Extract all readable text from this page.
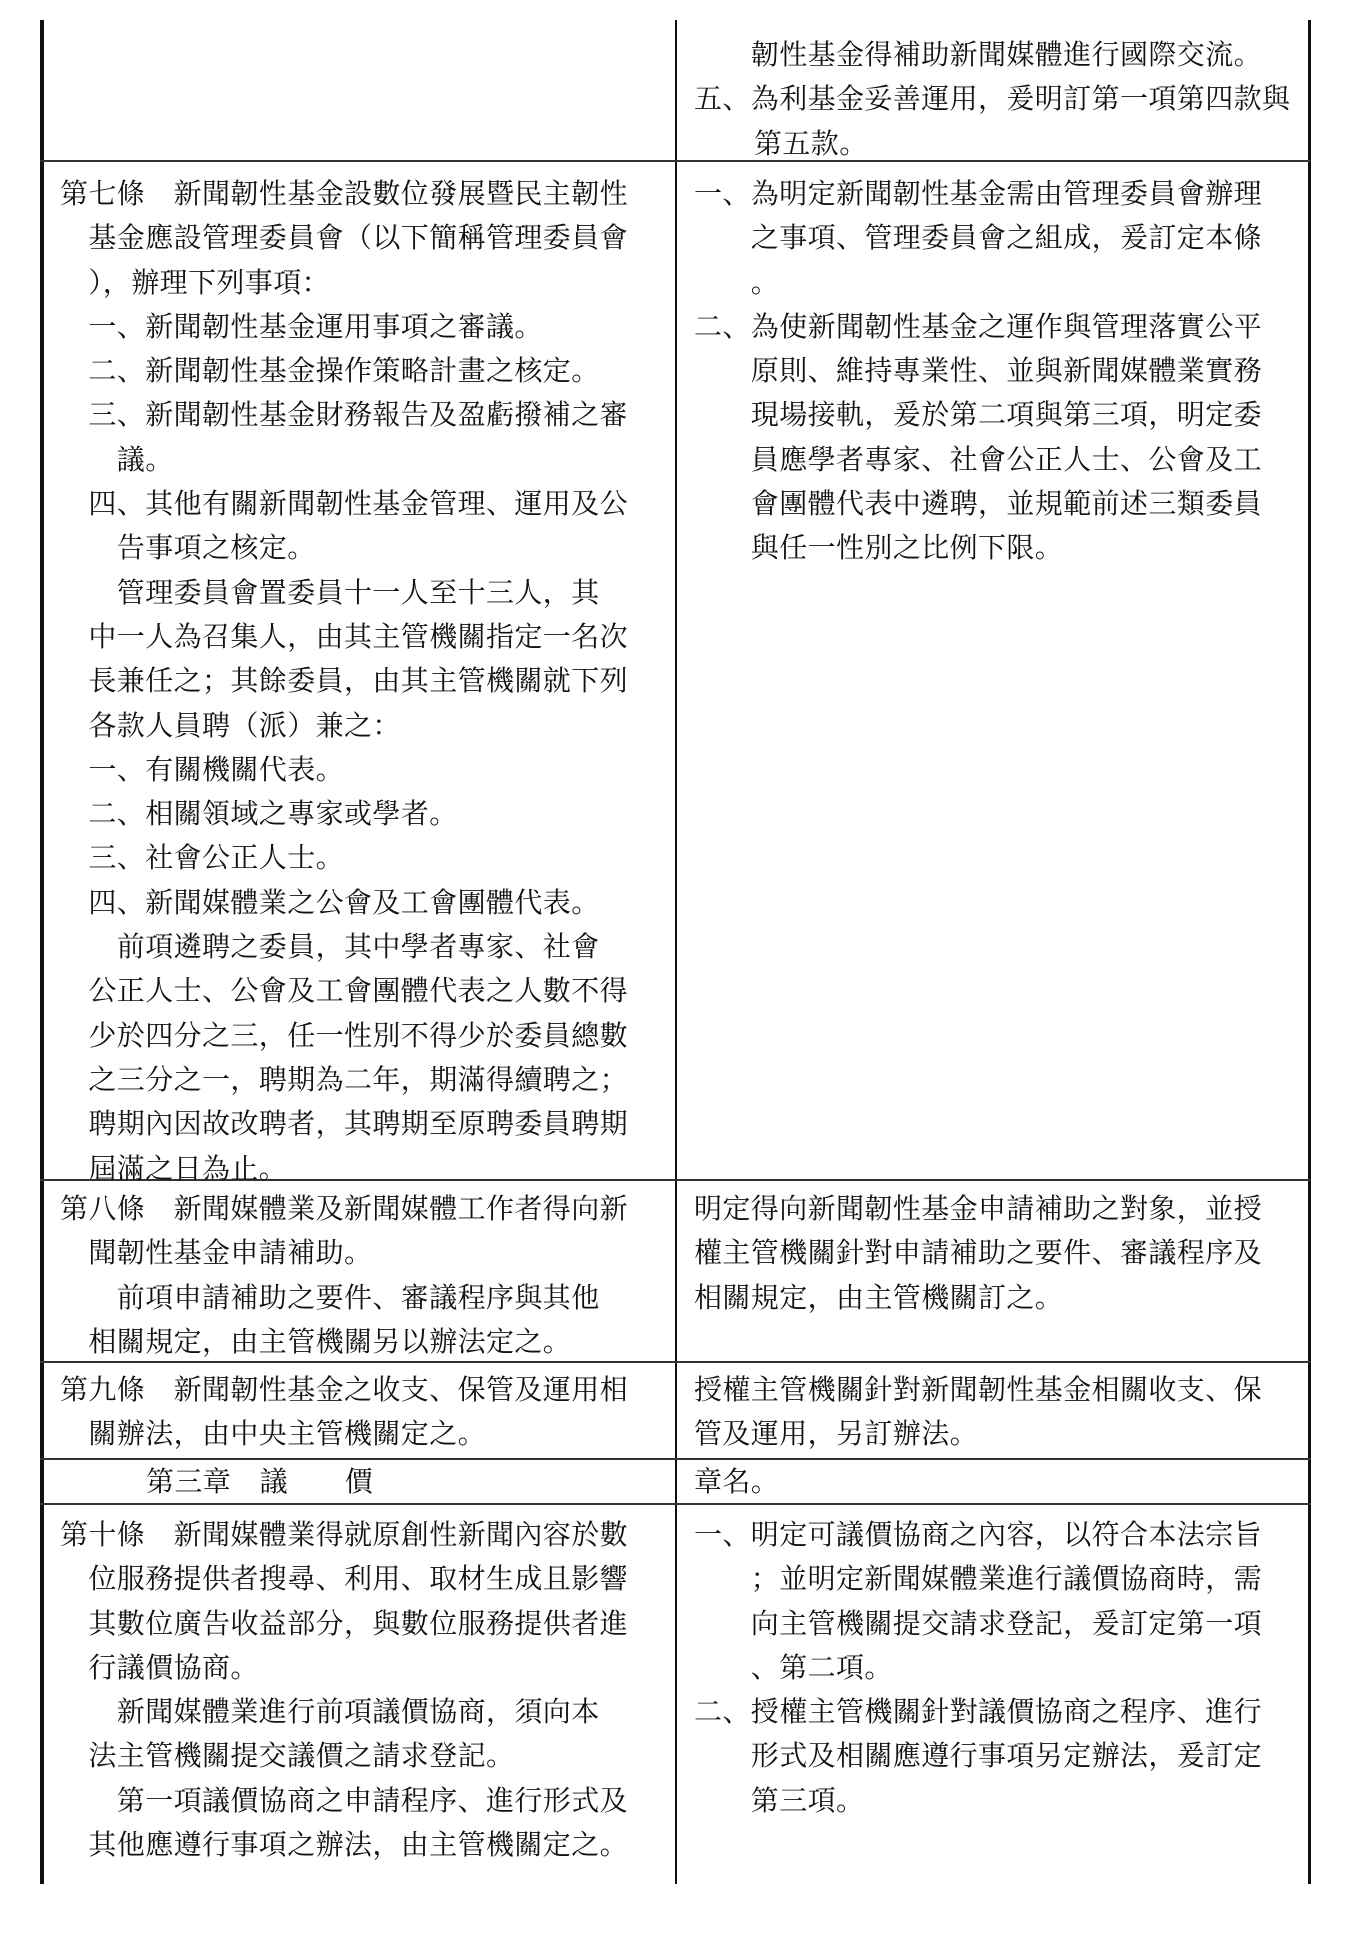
　　韌性基金得補助新聞媒體進行國際交流。

五、為利基金妥善運用，爰明訂第一項第四款與第五款。

第七條　新聞韌性基金設數位發展暨民主韌性

　基金應設管理委員會（以下簡稱管理委員會

　），辦理下列事項：

　一、新聞韌性基金運用事項之審議。

　二、新聞韌性基金操作策略計畫之核定。

　三、新聞韌性基金財務報告及盈虧撥補之審

　　議。

　四、其他有關新聞韌性基金管理、運用及公

　　告事項之核定。

　　管理委員會置委員十一人至十三人，其

　中一人為召集人，由其主管機關指定一名次

　長兼任之；其餘委員，由其主管機關就下列

　各款人員聘（派）兼之：

　一、有關機關代表。

　二、相關領域之專家或學者。

　三、社會公正人士。

　四、新聞媒體業之公會及工會團體代表。

　　前項遴聘之委員，其中學者專家、社會

　公正人士、公會及工會團體代表之人數不得

　少於四分之三，任一性別不得少於委員總數

　之三分之一，聘期為二年，期滿得續聘之；

　聘期內因故改聘者，其聘期至原聘委員聘期

　屆滿之日為止。

一、為明定新聞韌性基金需由管理委員會辦理

　　之事項、管理委員會之組成，爰訂定本條

　　。

二、為使新聞韌性基金之運作與管理落實公平

　　原則、維持專業性、並與新聞媒體業實務

　　現場接軌，爰於第二項與第三項，明定委

　　員應學者專家、社會公正人士、公會及工

　　會團體代表中遴聘，並規範前述三類委員

　　與任一性別之比例下限。

第八條　新聞媒體業及新聞媒體工作者得向新

　聞韌性基金申請補助。

　　前項申請補助之要件、審議程序與其他

　相關規定，由主管機關另以辦法定之。

明定得向新聞韌性基金申請補助之對象，並授

權主管機關針對申請補助之要件、審議程序及

相關規定，由主管機關訂之。

第九條　新聞韌性基金之收支、保管及運用相

　關辦法，由中央主管機關定之。

授權主管機關針對新聞韌性基金相關收支、保

管及運用，另訂辦法。

第三章　議　　價	章名。

第十條　新聞媒體業得就原創性新聞內容於數

　位服務提供者搜尋、利用、取材生成且影響

　其數位廣告收益部分，與數位服務提供者進

　行議價協商。

　　新聞媒體業進行前項議價協商，須向本

　法主管機關提交議價之請求登記。

　　第一項議價協商之申請程序、進行形式及

　其他應遵行事項之辦法，由主管機關定之。

一、明定可議價協商之內容，以符合本法宗旨

　　；並明定新聞媒體業進行議價協商時，需

　　向主管機關提交請求登記，爰訂定第一項

　　、第二項。

二、授權主管機關針對議價協商之程序、進行

　　形式及相關應遵行事項另定辦法，爰訂定

　　第三項。
